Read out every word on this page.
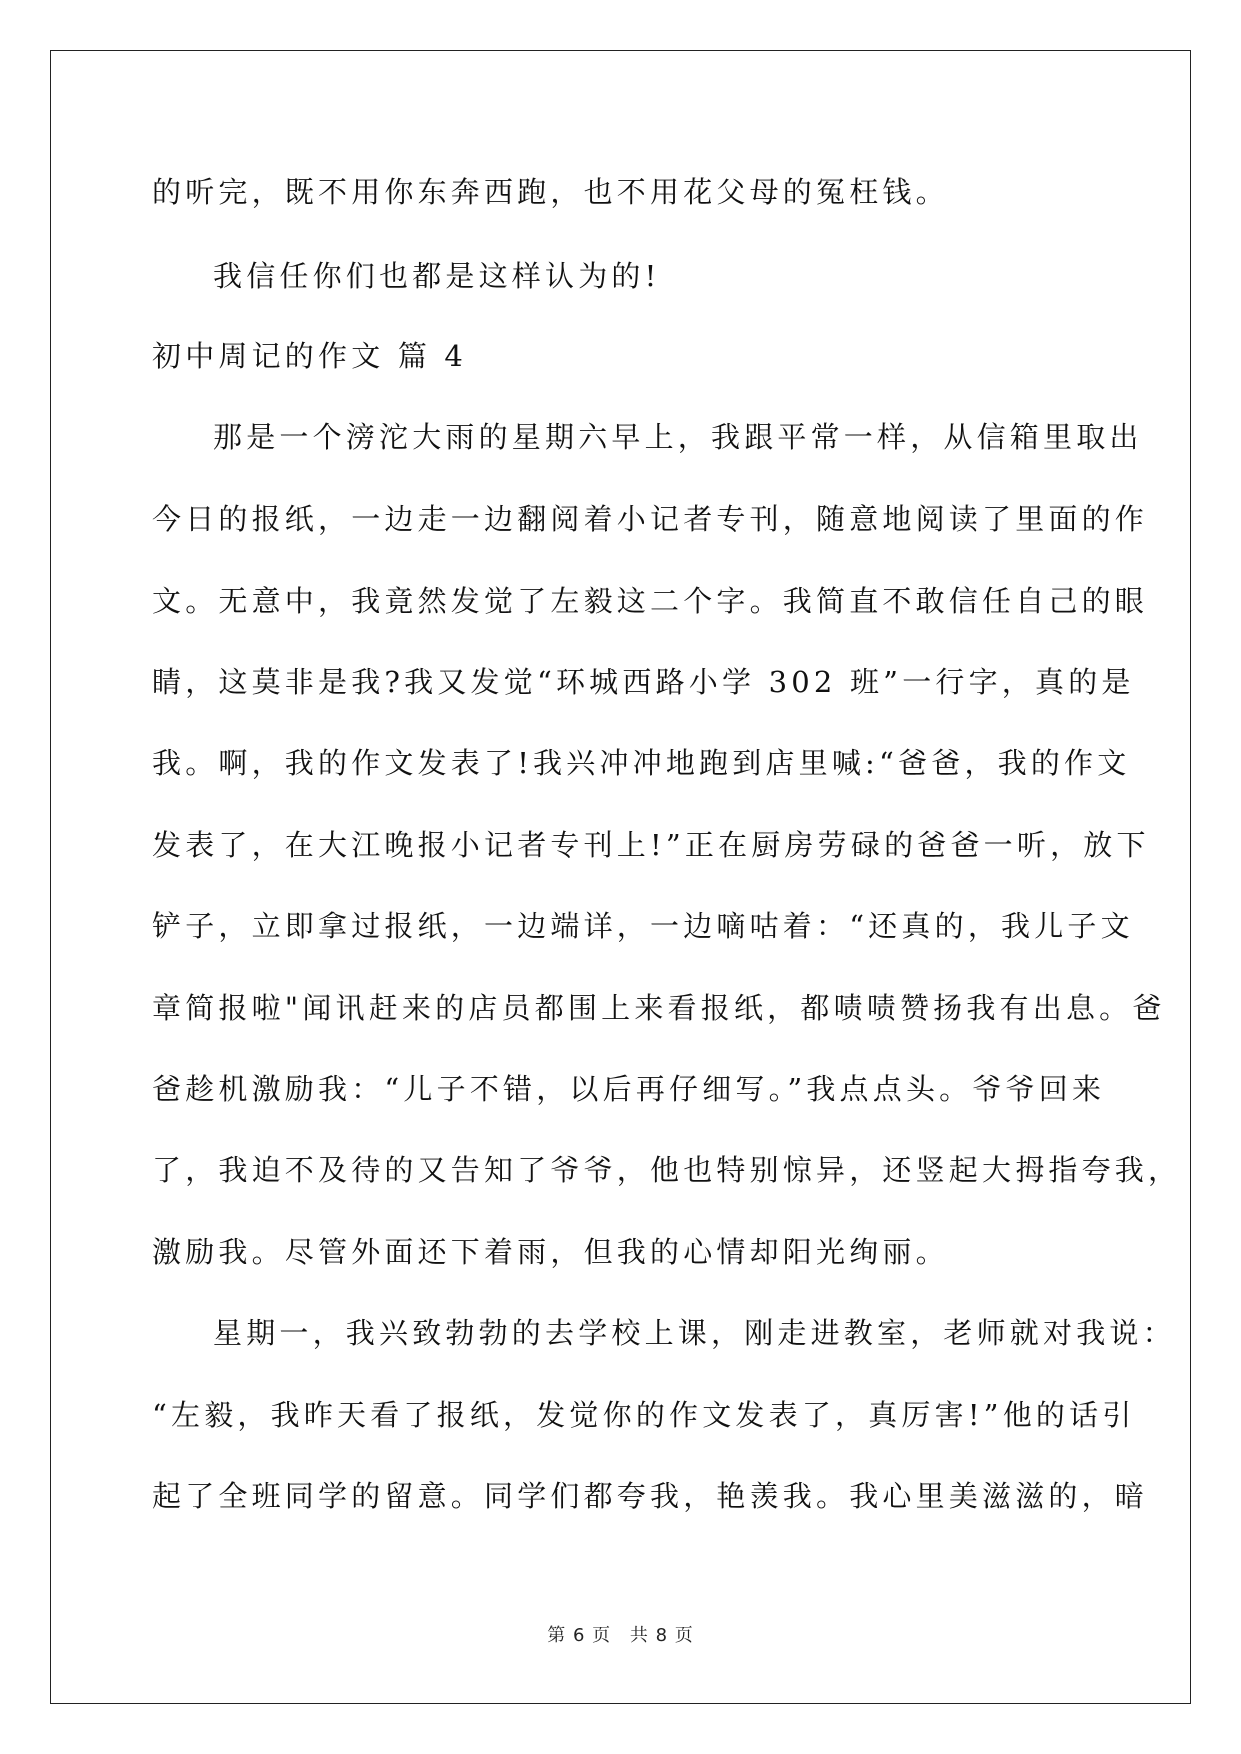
的听完，既不用你东奔西跑，也不用花父母的冤枉钱。
我信任你们也都是这样认为的!
初中周记的作文 篇 4
那是一个滂沱大雨的星期六早上，我跟平常一样，从信箱里取出
今日的报纸，一边走一边翻阅着小记者专刊，随意地阅读了里面的作
文。无意中，我竟然发觉了左毅这二个字。我简直不敢信任自己的眼
睛，这莫非是我?我又发觉“环城西路小学 302 班”一行字，真的是
我。啊，我的作文发表了!我兴冲冲地跑到店里喊:“爸爸，我的作文
发表了，在大江晚报小记者专刊上!”正在厨房劳碌的爸爸一听，放下
铲子，立即拿过报纸，一边端详，一边嘀咕着：“还真的，我儿子文
章简报啦"闻讯赶来的店员都围上来看报纸，都啧啧赞扬我有出息。爸
爸趁机激励我：“儿子不错，以后再仔细写。”我点点头。爷爷回来
了，我迫不及待的又告知了爷爷，他也特别惊异，还竖起大拇指夸我，
激励我。尽管外面还下着雨，但我的心情却阳光绚丽。
星期一，我兴致勃勃的去学校上课，刚走进教室，老师就对我说：
“左毅，我昨天看了报纸，发觉你的作文发表了，真厉害!”他的话引
起了全班同学的留意。同学们都夸我，艳羡我。我心里美滋滋的，暗
第 6 页 共 8 页
